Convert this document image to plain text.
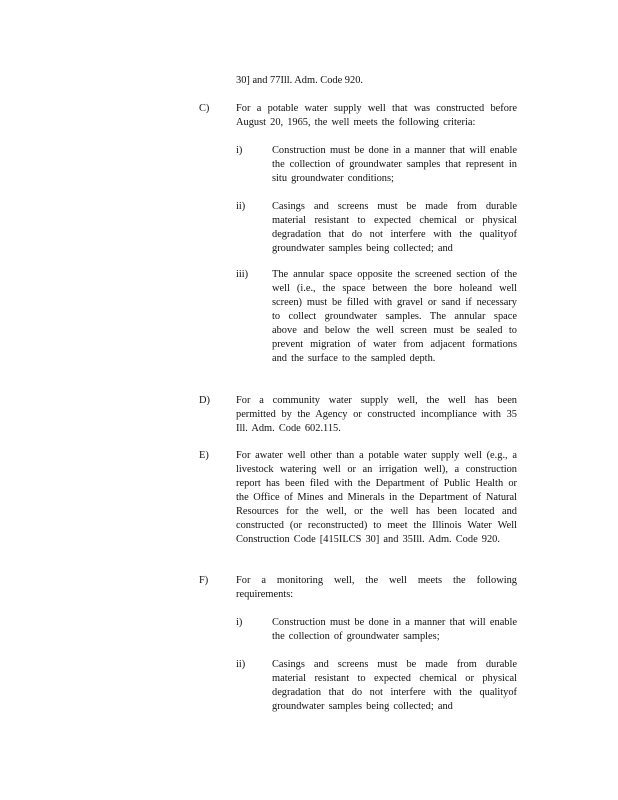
30] and 77Ill. Adm. Code 920.
C)	For a potable water supply well that was constructed before August 20, 1965, the well meets the following criteria:
i)	Construction must be done in a manner that will enable the collection of groundwater samples that represent in situ groundwater conditions;
ii)	Casings and screens must be made from durable material resistant to expected chemical or physical degradation that do not interfere with the qualityof groundwater samples being collected; and
iii) The annular space opposite the screened section of the well (i.e., the space between the bore holeand well screen) must be filled with gravel or sand if necessary to collect groundwater samples. The annular space above and below the well screen must be sealed to prevent migration of water from adjacent formations and the surface to the sampled depth.
D)	For a community water supply well, the well has been permitted by the Agency or constructed incompliance with 35 Ill. Adm. Code 602.115.
E)	For awater well other than a potable water supply well (e.g., a livestock watering well or an irrigation well), a construction report has been filed with the Department of Public Health or the Office of Mines and Minerals in the Department of Natural Resources for the well, or the well has been located and constructed (or reconstructed) to meet the Illinois Water Well Construction Code [415ILCS 30] and 35Ill. Adm. Code 920.
F)	For a monitoring well, the well meets the following requirements:
i)	Construction must be done in a manner that will enable the collection of groundwater samples;
ii)	Casings and screens must be made from durable material resistant to expected chemical or physical degradation that do not interfere with the qualityof groundwater samples being collected; and
